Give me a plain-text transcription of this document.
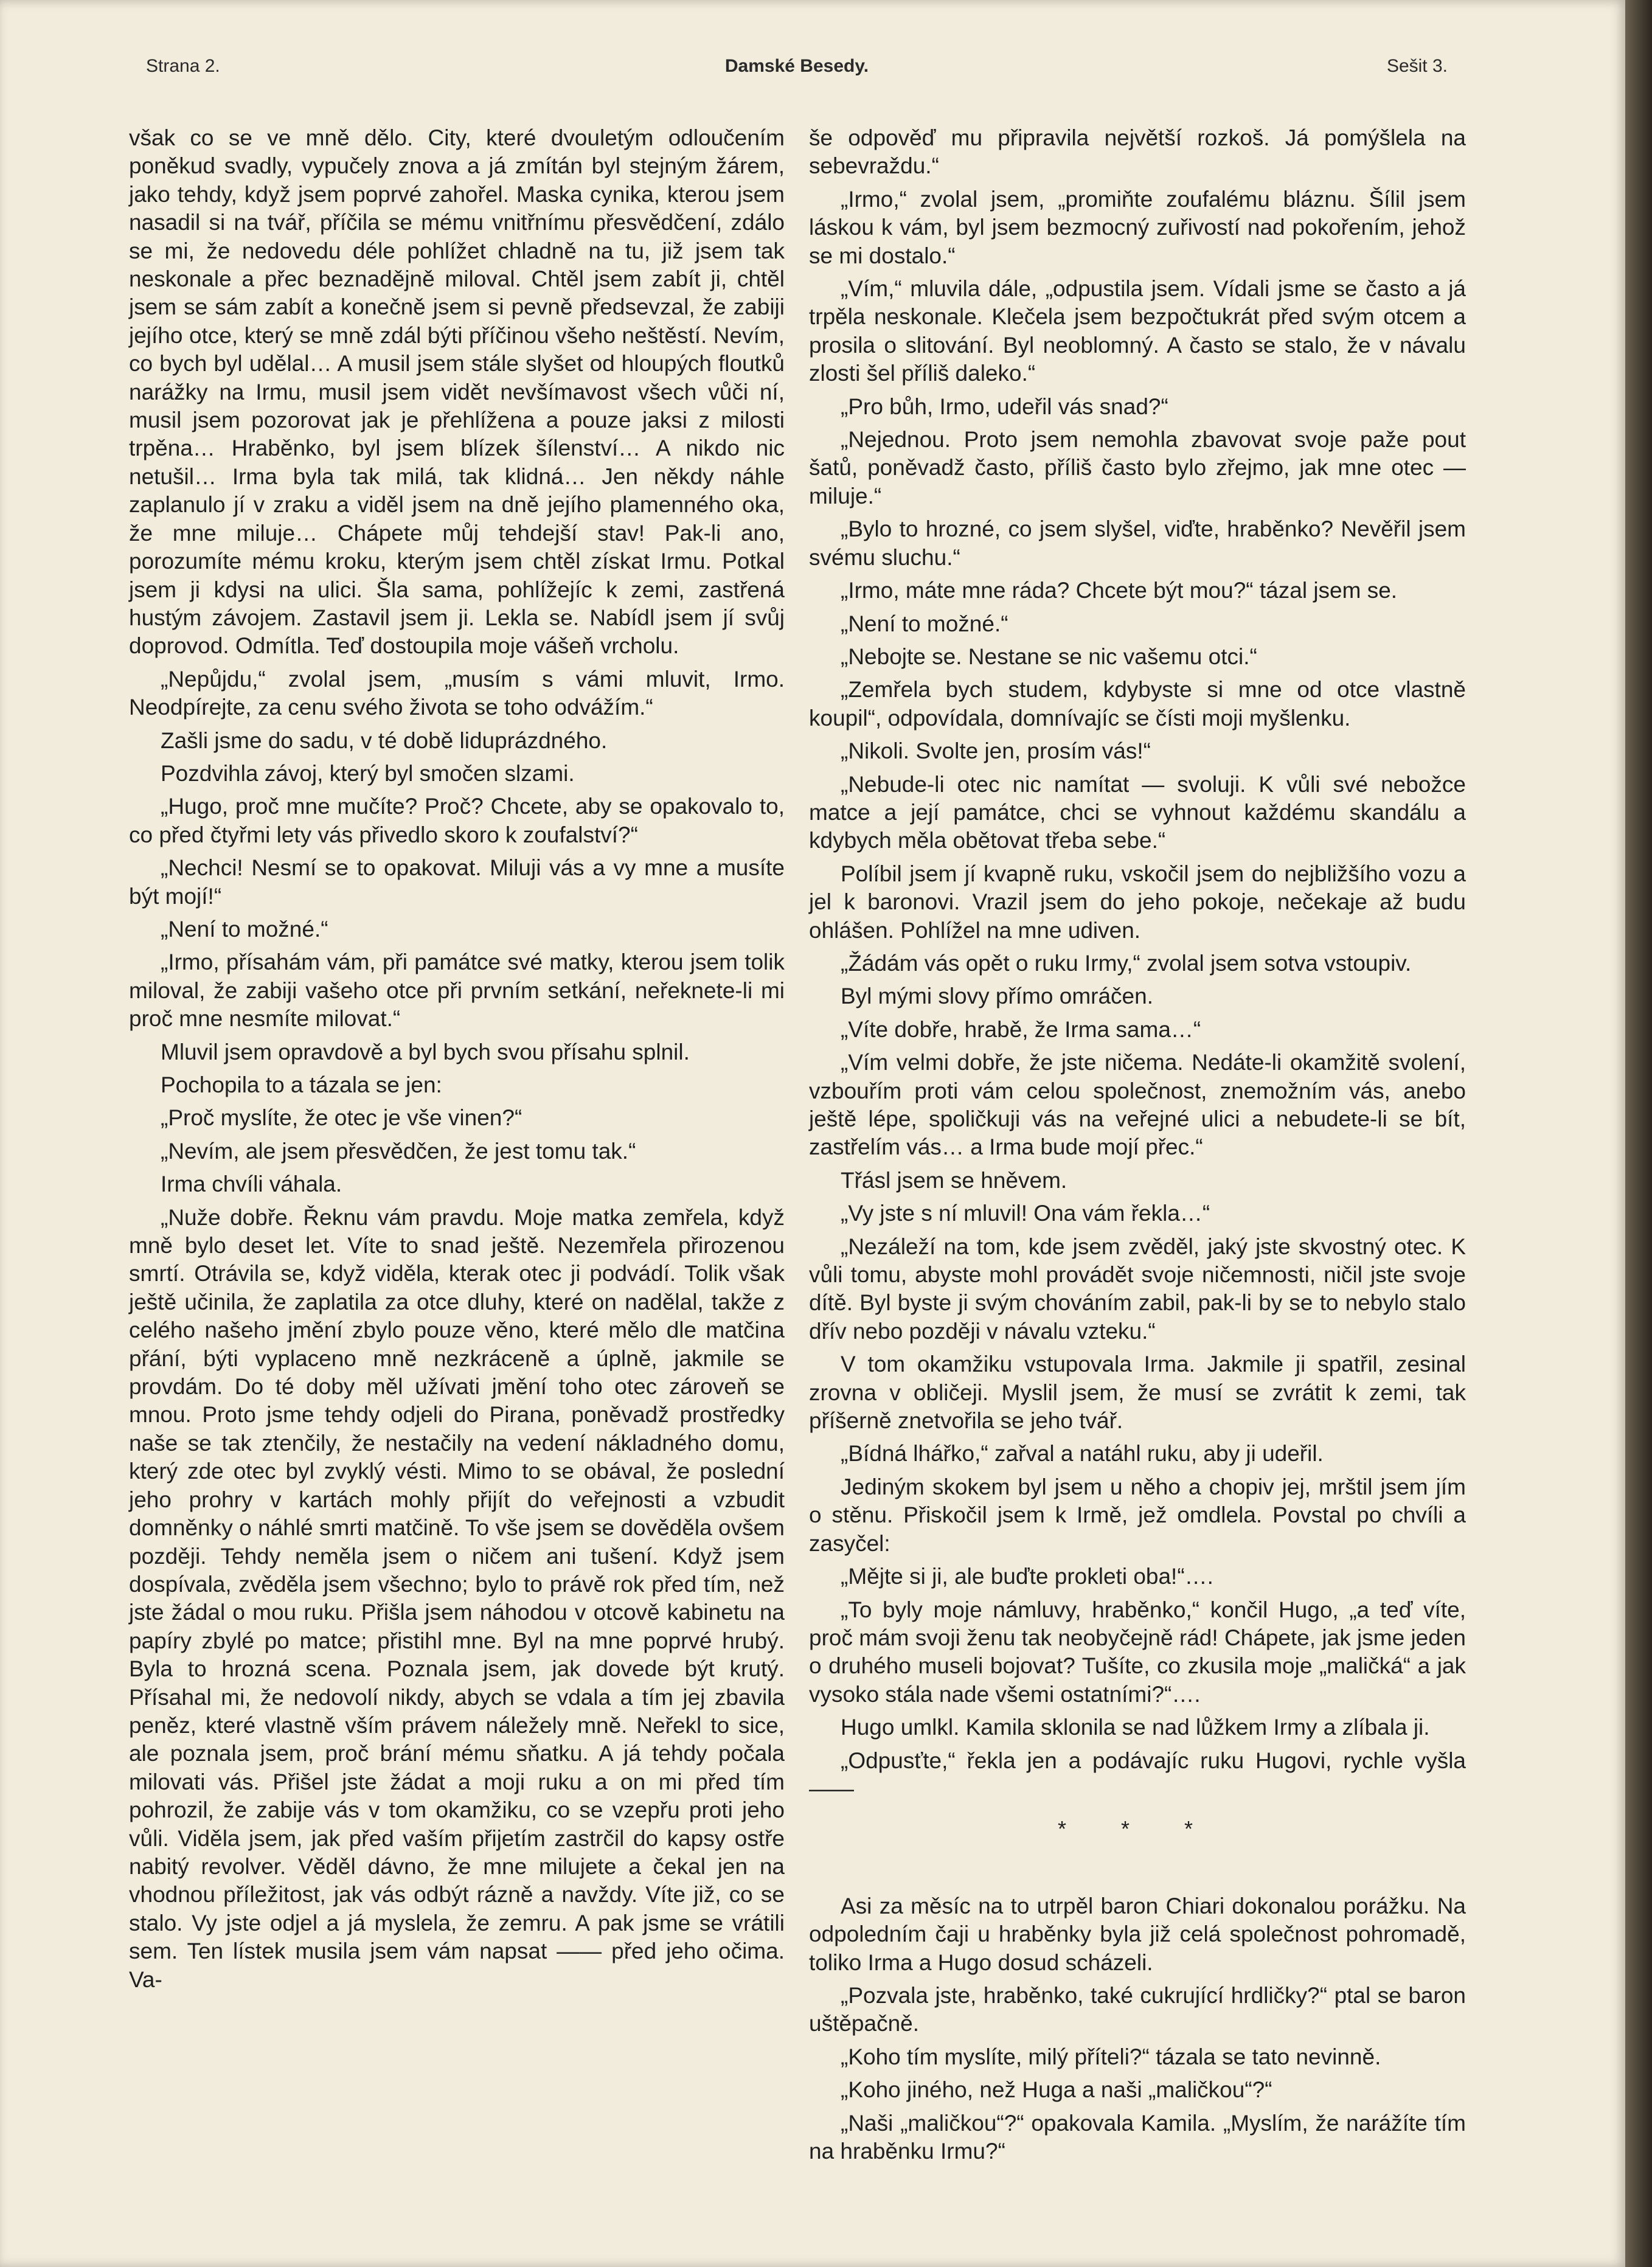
Strana 2.	Damské Besedy.	Sešit 3.

však co se ve mně dělo. City, které dvouletým odloučením poněkud svadly, vypučely znova a já zmítán byl stejným žárem, jako tehdy, když jsem poprvé zahořel. Maska cynika, kterou jsem nasadil si na tvář, příčila se mému vnitřnímu přesvědčení, zdálo se mi, že nedovedu déle pohlížet chladně na tu, již jsem tak neskonale a přec beznadějně miloval. Chtěl jsem zabít ji, chtěl jsem se sám zabít a konečně jsem si pevně předsevzal, že zabiji jejího otce, který se mně zdál býti příčinou všeho neštěstí. Nevím, co bych byl udělal… A musil jsem stále slyšet od hloupých floutků narážky na Irmu, musil jsem vidět nevšímavost všech vůči ní, musil jsem pozorovat jak je přehlížena a pouze jaksi z milosti trpěna… Hraběnko, byl jsem blízek šílenství… A nikdo nic netušil… Irma byla tak milá, tak klidná… Jen někdy náhle zaplanulo jí v zraku a viděl jsem na dně jejího plamenného oka, že mne miluje… Chápete můj tehdejší stav! Pak-li ano, porozumíte mému kroku, kterým jsem chtěl získat Irmu. Potkal jsem ji kdysi na ulici. Šla sama, pohlížejíc k zemi, zastřená hustým závojem. Zastavil jsem ji. Lekla se. Nabídl jsem jí svůj doprovod. Odmítla. Teď dostoupila moje vášeň vrcholu.

„Nepůjdu,“ zvolal jsem, „musím s vámi mluvit, Irmo. Neodpírejte, za cenu svého života se toho odvážím.“

Zašli jsme do sadu, v té době liduprázdného.

Pozdvihla závoj, který byl smočen slzami.

„Hugo, proč mne mučíte? Proč? Chcete, aby se opakovalo to, co před čtyřmi lety vás přivedlo skoro k zoufalství?“

„Nechci! Nesmí se to opakovat. Miluji vás a vy mne a musíte být mojí!“

„Není to možné.“

„Irmo, přísahám vám, při památce své matky, kterou jsem tolik miloval, že zabiji vašeho otce při prvním setkání, neřeknete-li mi proč mne nesmíte milovat.“

Mluvil jsem opravdově a byl bych svou přísahu splnil.

Pochopila to a tázala se jen:

„Proč myslíte, že otec je vše vinen?“

„Nevím, ale jsem přesvědčen, že jest tomu tak.“

Irma chvíli váhala.

„Nuže dobře. Řeknu vám pravdu. Moje matka zemřela, když mně bylo deset let. Víte to snad ještě. Nezemřela přirozenou smrtí. Otrávila se, když viděla, kterak otec ji podvádí. Tolik však ještě učinila, že zaplatila za otce dluhy, které on nadělal, takže z celého našeho jmění zbylo pouze věno, které mělo dle matčina přání, býti vyplaceno mně nezkráceně a úplně, jakmile se provdám. Do té doby měl užívati jmění toho otec zároveň se mnou. Proto jsme tehdy odjeli do Pirana, poněvadž prostředky naše se tak ztenčily, že nestačily na vedení nákladného domu, který zde otec byl zvyklý vésti. Mimo to se obával, že poslední jeho prohry v kartách mohly přijít do veřejnosti a vzbudit domněnky o náhlé smrti matčině. To vše jsem se dověděla ovšem později. Tehdy neměla jsem o ničem ani tušení. Když jsem dospívala, zvěděla jsem všechno; bylo to právě rok před tím, než jste žádal o mou ruku. Přišla jsem náhodou v otcově kabinetu na papíry zbylé po matce; přistihl mne. Byl na mne poprvé hrubý. Byla to hrozná scena. Poznala jsem, jak dovede být krutý. Přísahal mi, že nedovolí nikdy, abych se vdala a tím jej zbavila peněz, které vlastně vším právem náležely mně. Neřekl to sice, ale poznala jsem, proč brání mému sňatku. A já tehdy počala milovati vás. Přišel jste žádat a moji ruku a on mi před tím pohrozil, že zabije vás v tom okamžiku, co se vzepřu proti jeho vůli. Viděla jsem, jak před vaším přijetím zastrčil do kapsy ostře nabitý revolver. Věděl dávno, že mne milujete a čekal jen na vhodnou příležitost, jak vás odbýt rázně a navždy. Víte již, co se stalo. Vy jste odjel a já myslela, že zemru. A pak jsme se vrátili sem. Ten lístek musila jsem vám napsat —— před jeho očima. Va-

še odpověď mu připravila největší rozkoš. Já pomýšlela na sebevraždu.“

„Irmo,“ zvolal jsem, „promiňte zoufalému bláznu. Šílil jsem láskou k vám, byl jsem bezmocný zuřivostí nad pokořením, jehož se mi dostalo.“

„Vím,“ mluvila dále, „odpustila jsem. Vídali jsme se často a já trpěla neskonale. Klečela jsem bezpočtukrát před svým otcem a prosila o slitování. Byl neoblomný. A často se stalo, že v návalu zlosti šel příliš daleko.“

„Pro bůh, Irmo, udeřil vás snad?“

„Nejednou. Proto jsem nemohla zbavovat svoje paže pout šatů, poněvadž často, příliš často bylo zřejmo, jak mne otec — miluje.“

„Bylo to hrozné, co jsem slyšel, viďte, hraběnko? Nevěřil jsem svému sluchu.“

„Irmo, máte mne ráda? Chcete být mou?“ tázal jsem se.

„Není to možné.“

„Nebojte se. Nestane se nic vašemu otci.“

„Zemřela bych studem, kdybyste si mne od otce vlastně koupil“, odpovídala, domnívajíc se čísti moji myšlenku.

„Nikoli. Svolte jen, prosím vás!“

„Nebude-li otec nic namítat — svoluji. K vůli své nebožce matce a její památce, chci se vyhnout každému skandálu a kdybych měla obětovat třeba sebe.“

Políbil jsem jí kvapně ruku, vskočil jsem do nejbližšího vozu a jel k baronovi. Vrazil jsem do jeho pokoje, nečekaje až budu ohlášen. Pohlížel na mne udiven.

„Žádám vás opět o ruku Irmy,“ zvolal jsem sotva vstoupiv.

Byl mými slovy přímo omráčen.

„Víte dobře, hrabě, že Irma sama…“

„Vím velmi dobře, že jste ničema. Nedáte-li okamžitě svolení, vzbouřím proti vám celou společnost, znemožním vás, anebo ještě lépe, spoličkuji vás na veřejné ulici a nebudete-li se bít, zastřelím vás… a Irma bude mojí přec.“

Třásl jsem se hněvem.

„Vy jste s ní mluvil! Ona vám řekla…“

„Nezáleží na tom, kde jsem zvěděl, jaký jste skvostný otec. K vůli tomu, abyste mohl provádět svoje ničemnosti, ničil jste svoje dítě. Byl byste ji svým chováním zabil, pak-li by se to nebylo stalo dřív nebo později v návalu vzteku.“

V tom okamžiku vstupovala Irma. Jakmile ji spatřil, zesinal zrovna v obličeji. Myslil jsem, že musí se zvrátit k zemi, tak příšerně znetvořila se jeho tvář.

„Bídná lhářko,“ zařval a natáhl ruku, aby ji udeřil.

Jediným skokem byl jsem u něho a chopiv jej, mrštil jsem jím o stěnu. Přiskočil jsem k Irmě, jež omdlela. Povstal po chvíli a zasyčel:

„Mějte si ji, ale buďte prokleti oba!“….

„To byly moje námluvy, hraběnko,“ končil Hugo, „a teď víte, proč mám svoji ženu tak neobyčejně rád! Chápete, jak jsme jeden o druhého museli bojovat? Tušíte, co zkusila moje „maličká“ a jak vysoko stála nade všemi ostatními?“….

Hugo umlkl. Kamila sklonila se nad lůžkem Irmy a zlíbala ji.

„Odpusťte,“ řekla jen a podávajíc ruku Hugovi, rychle vyšla ——

* * *

Asi za měsíc na to utrpěl baron Chiari dokonalou porážku. Na odpoledním čaji u hraběnky byla již celá společnost pohromadě, toliko Irma a Hugo dosud scházeli.

„Pozvala jste, hraběnko, také cukrující hrdličky?“ ptal se baron uštěpačně.

„Koho tím myslíte, milý příteli?“ tázala se tato nevinně.

„Koho jiného, než Huga a naši „maličkou“?“

„Naši „maličkou“?“ opakovala Kamila. „Myslím, že narážíte tím na hraběnku Irmu?“
